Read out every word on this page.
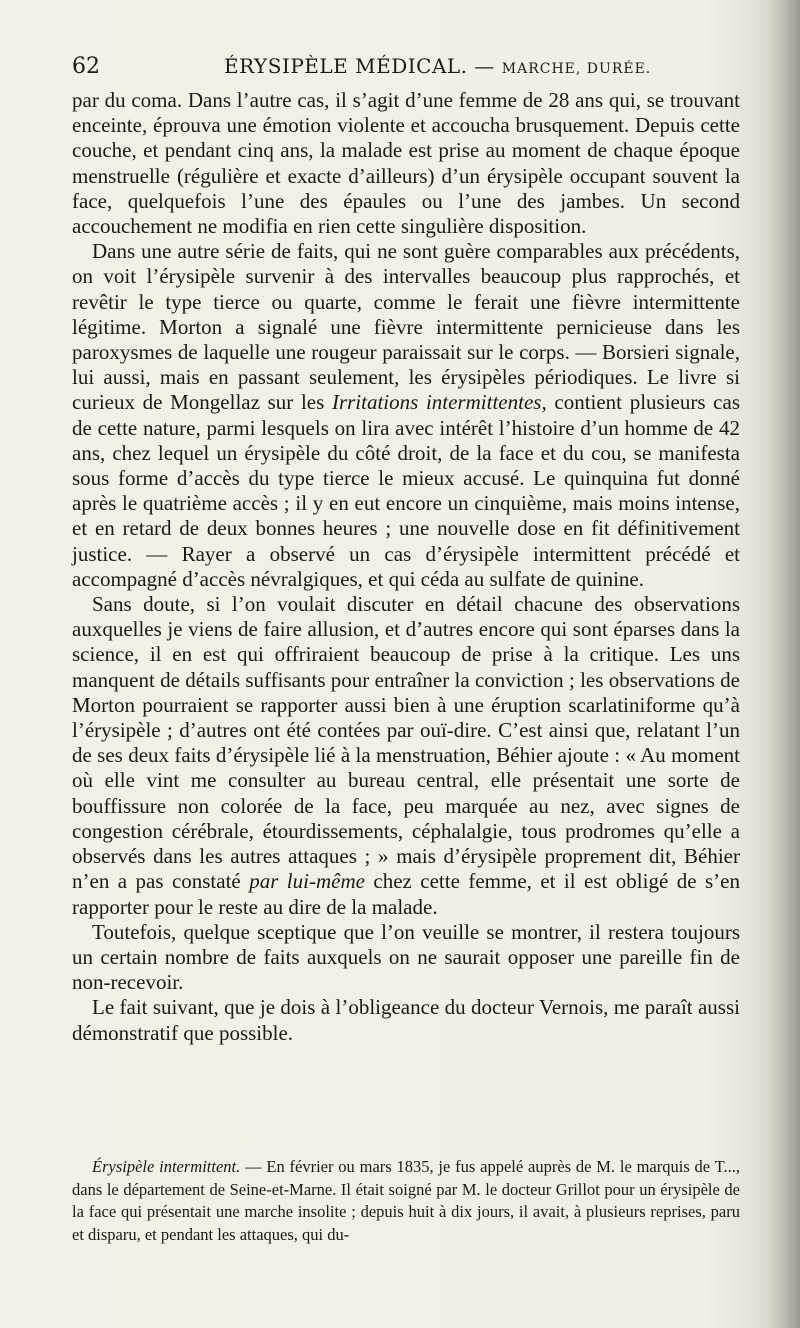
62	ÉRYSIPÈLE MÉDICAL. — MARCHE, DURÉE.

par du coma. Dans l’autre cas, il s’agit d’une femme de 28 ans qui, se trouvant enceinte, éprouva une émotion violente et accoucha brusquement. Depuis cette couche, et pendant cinq ans, la malade est prise au moment de chaque époque menstruelle (régulière et exacte d’ailleurs) d’un érysipèle occupant souvent la face, quelquefois l’une des épaules ou l’une des jambes. Un second accouchement ne modifia en rien cette singulière disposition.

Dans une autre série de faits, qui ne sont guère comparables aux précédents, on voit l’érysipèle survenir à des intervalles beaucoup plus rapprochés, et revêtir le type tierce ou quarte, comme le ferait une fièvre intermittente légitime. Morton a signalé une fièvre intermittente pernicieuse dans les paroxysmes de laquelle une rougeur paraissait sur le corps. — Borsieri signale, lui aussi, mais en passant seulement, les érysipèles périodiques. Le livre si curieux de Mongellaz sur les Irritations intermittentes, contient plusieurs cas de cette nature, parmi lesquels on lira avec intérêt l’histoire d’un homme de 42 ans, chez lequel un érysipèle du côté droit, de la face et du cou, se manifesta sous forme d’accès du type tierce le mieux accusé. Le quinquina fut donné après le quatrième accès ; il y en eut encore un cinquième, mais moins intense, et en retard de deux bonnes heures ; une nouvelle dose en fit définitivement justice. — Rayer a observé un cas d’érysipèle intermittent précédé et accompagné d’accès névralgiques, et qui céda au sulfate de quinine.

Sans doute, si l’on voulait discuter en détail chacune des observations auxquelles je viens de faire allusion, et d’autres encore qui sont éparses dans la science, il en est qui offriraient beaucoup de prise à la critique. Les uns manquent de détails suffisants pour entraîner la conviction ; les observations de Morton pourraient se rapporter aussi bien à une éruption scarlatiniforme qu’à l’érysipèle ; d’autres ont été contées par ouï-dire. C’est ainsi que, relatant l’un de ses deux faits d’érysipèle lié à la menstruation, Béhier ajoute : « Au moment où elle vint me consulter au bureau central, elle présentait une sorte de bouffissure non colorée de la face, peu marquée au nez, avec signes de congestion cérébrale, étourdissements, céphalalgie, tous prodromes qu’elle a observés dans les autres attaques ; » mais d’érysipèle proprement dit, Béhier n’en a pas constaté par lui-même chez cette femme, et il est obligé de s’en rapporter pour le reste au dire de la malade.

Toutefois, quelque sceptique que l’on veuille se montrer, il restera toujours un certain nombre de faits auxquels on ne saurait opposer une pareille fin de non-recevoir.

Le fait suivant, que je dois à l’obligeance du docteur Vernois, me paraît aussi démonstratif que possible.

Érysipèle intermittent. — En février ou mars 1835, je fus appelé auprès de M. le marquis de T..., dans le département de Seine-et-Marne. Il était soigné par M. le docteur Grillot pour un érysipèle de la face qui présentait une marche insolite ; depuis huit à dix jours, il avait, à plusieurs reprises, paru et disparu, et pendant les attaques, qui du-
